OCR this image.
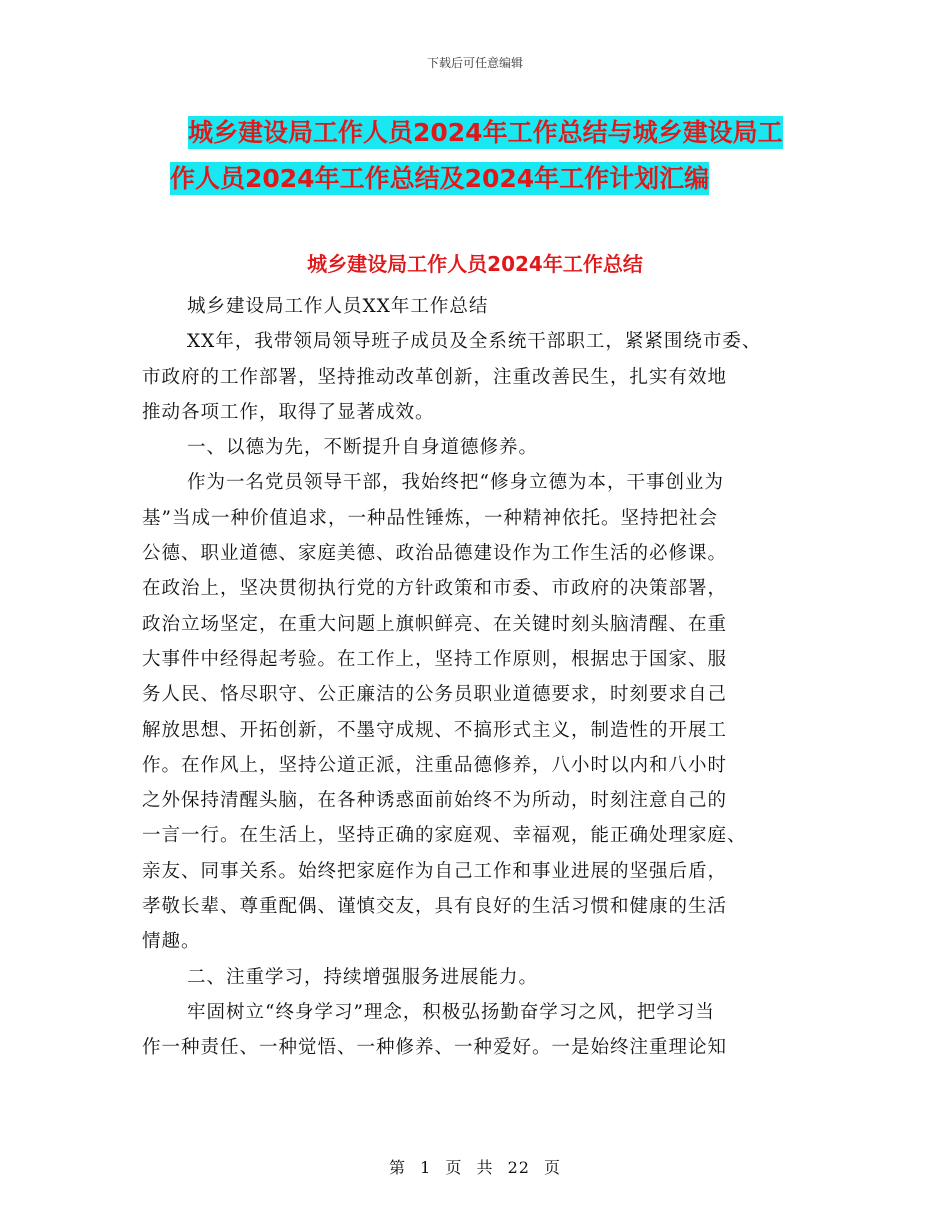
下载后可任意编辑
城乡建设局工作人员2024年工作总结与城乡建设局工
作人员2024年工作总结及2024年工作计划汇编
城乡建设局工作人员2024年工作总结
城乡建设局工作人员XX年工作总结
XX年，我带领局领导班子成员及全系统干部职工，紧紧围绕市委、
市政府的工作部署，坚持推动改革创新，注重改善民生，扎实有效地
推动各项工作，取得了显著成效。
一、以德为先，不断提升自身道德修养。
作为一名党员领导干部，我始终把“修身立德为本，干事创业为
基”当成一种价值追求，一种品性锤炼，一种精神依托。坚持把社会
公德、职业道德、家庭美德、政治品德建设作为工作生活的必修课。
在政治上，坚决贯彻执行党的方针政策和市委、市政府的决策部署，
政治立场坚定，在重大问题上旗帜鲜亮、在关键时刻头脑清醒、在重
大事件中经得起考验。在工作上，坚持工作原则，根据忠于国家、服
务人民、恪尽职守、公正廉洁的公务员职业道德要求，时刻要求自己
解放思想、开拓创新，不墨守成规、不搞形式主义，制造性的开展工
作。在作风上，坚持公道正派，注重品德修养，八小时以内和八小时
之外保持清醒头脑，在各种诱惑面前始终不为所动，时刻注意自己的
一言一行。在生活上，坚持正确的家庭观、幸福观，能正确处理家庭、
亲友、同事关系。始终把家庭作为自己工作和事业进展的坚强后盾，
孝敬长辈、尊重配偶、谨慎交友，具有良好的生活习惯和健康的生活
情趣。
二、注重学习，持续增强服务进展能力。
牢固树立“终身学习”理念，积极弘扬勤奋学习之风，把学习当
作一种责任、一种觉悟、一种修养、一种爱好。一是始终注重理论知
第 1 页 共 22 页
